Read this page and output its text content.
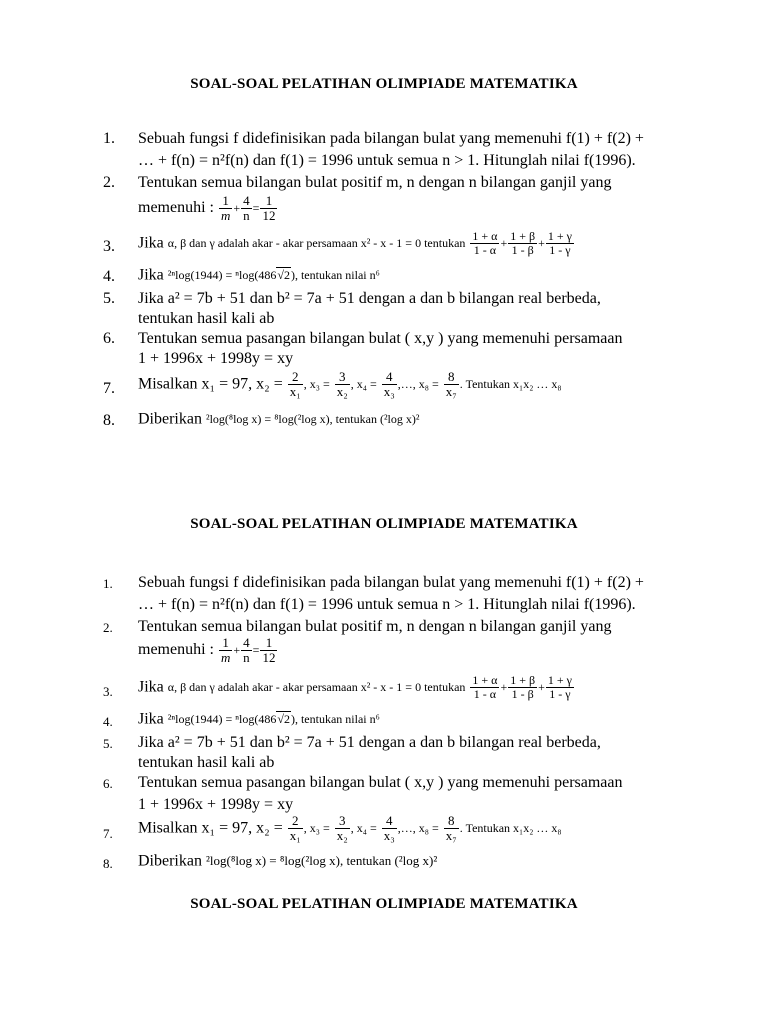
SOAL-SOAL PELATIHAN OLIMPIADE MATEMATIKA
1. Sebuah fungsi f didefinisikan pada bilangan bulat yang memenuhi f(1) + f(2) +
… + f(n) = n²f(n) dan f(1) = 1996 untuk semua n > 1. Hitunglah nilai f(1996).
2. Tentukan semua bilangan bulat positif m, n dengan n bilangan ganjil yang
memenuhi : $\frac{1}{m} + \frac{4}{n} = \frac{1}{12}$
3. Jika α, β dan γ adalah akar - akar persamaan x² - x - 1 = 0 tentukan $\frac{1 + \alpha}{1 - \alpha} + \frac{1 + \beta}{1 - \beta} + \frac{1 + \gamma}{1 - \gamma}$
4. Jika ²ⁿlog(1944) = ⁿlog(486√2), tentukan nilai n⁶
5. Jika a² = 7b + 51 dan b² = 7a + 51 dengan a dan b bilangan real berbeda,
tentukan hasil kali ab
6. Tentukan semua pasangan bilangan bulat ( x,y ) yang memenuhi persamaan
1 + 1996x + 1998y = xy
7. Misalkan x₁ = 97, $x_2 = \frac{2}{\text{x₁}}$ , $x_3 = \frac{3}{\text{x₂}}$ , $x_4 = \frac{4}{\text{x₃}}$ ,…, $x_8 = \frac{8}{\text{x₇}}$ . Tentukan x₁x₂ … x₈
8. Diberikan ²log(⁸log x) = ⁸log(²log x), tentukan (²log x)²
SOAL-SOAL PELATIHAN OLIMPIADE MATEMATIKA
1. Sebuah fungsi f didefinisikan pada bilangan bulat yang memenuhi f(1) + f(2) +
… + f(n) = n²f(n) dan f(1) = 1996 untuk semua n > 1. Hitunglah nilai f(1996).
2. Tentukan semua bilangan bulat positif m, n dengan n bilangan ganjil yang
memenuhi : $\frac{1}{m} + \frac{4}{n} = \frac{1}{12}$
3. Jika α, β dan γ adalah akar - akar persamaan x² - x - 1 = 0 tentukan $\frac{1 + \alpha}{1 - \alpha} + \frac{1 + \beta}{1 - \beta} + \frac{1 + \gamma}{1 - \gamma}$
4. Jika ²ⁿlog(1944) = ⁿlog(486√2), tentukan nilai n⁶
5. Jika a² = 7b + 51 dan b² = 7a + 51 dengan a dan b bilangan real berbeda,
tentukan hasil kali ab
6. Tentukan semua pasangan bilangan bulat ( x,y ) yang memenuhi persamaan
1 + 1996x + 1998y = xy
7. Misalkan x₁ = 97, $x_2 = \frac{2}{\text{x₁}}$ , $x_3 = \frac{3}{\text{x₂}}$ , $x_4 = \frac{4}{\text{x₃}}$ ,…, $x_8 = \frac{8}{\text{x₇}}$ . Tentukan x₁x₂ … x₈
8. Diberikan ²log(⁸log x) = ⁸log(²log x), tentukan (²log x)²
SOAL-SOAL PELATIHAN OLIMPIADE MATEMATIKA
